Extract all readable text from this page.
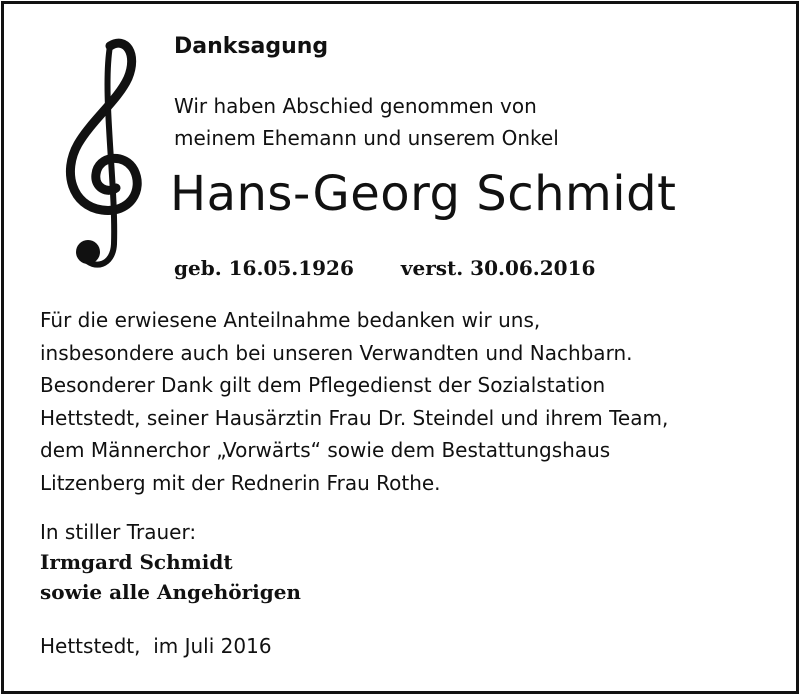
Danksagung
Wir haben Abschied genommen von
meinem Ehemann und unserem Onkel
Hans-Georg Schmidt
geb. 16.05.1926 verst. 30.06.2016
Für die erwiesene Anteilnahme bedanken wir uns,
insbesondere auch bei unseren Verwandten und Nachbarn.
Besonderer Dank gilt dem Pflegedienst der Sozialstation
Hettstedt, seiner Hausärztin Frau Dr. Steindel und ihrem Team,
dem Männerchor „Vorwärts“ sowie dem Bestattungshaus
Litzenberg mit der Rednerin Frau Rothe.
In stiller Trauer:
Irmgard Schmidt
sowie alle Angehörigen
Hettstedt,  im Juli 2016
